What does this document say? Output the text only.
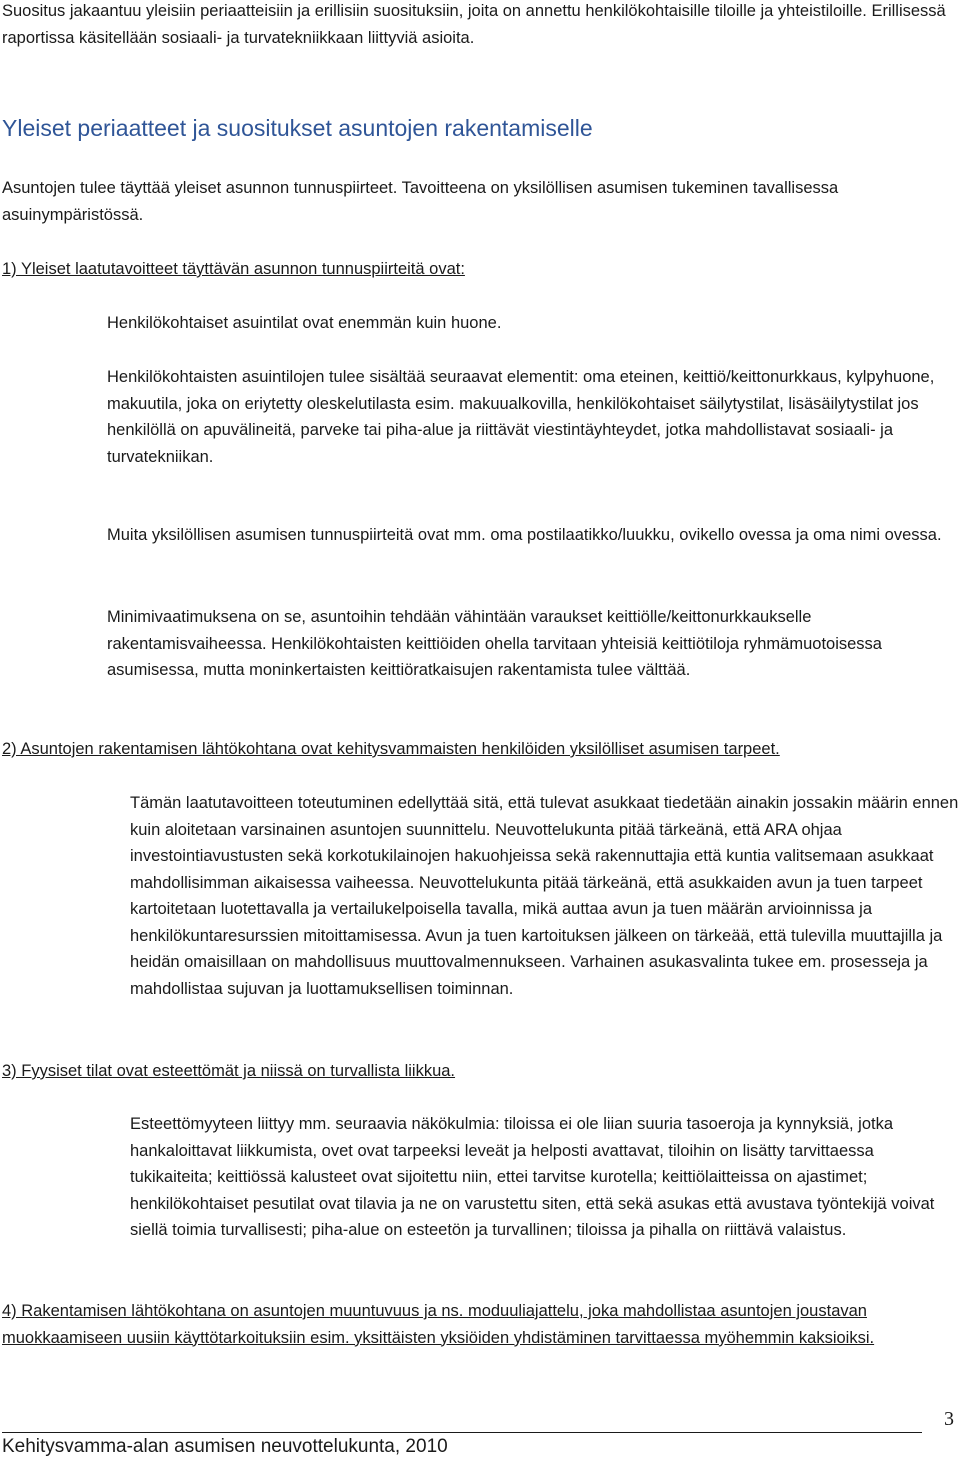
Suositus jakaantuu yleisiin periaatteisiin ja erillisiin suosituksiin, joita on annettu henkilökohtaisille tiloille ja yhteistiloille. Erillisessä raportissa käsitellään sosiaali- ja turvatekniikkaan liittyviä asioita.

Yleiset periaatteet ja suositukset asuntojen rakentamiselle

Asuntojen tulee täyttää yleiset asunnon tunnuspiirteet. Tavoitteena on yksilöllisen asumisen tukeminen tavallisessa asuinympäristössä.

1) Yleiset laatutavoitteet täyttävän asunnon tunnuspiirteitä ovat:

Henkilökohtaiset asuintilat ovat enemmän kuin huone.

Henkilökohtaisten asuintilojen tulee sisältää seuraavat elementit: oma eteinen, keittiö/keittonurkkaus, kylpyhuone, makuutila, joka on eriytetty oleskelutilasta esim. makuualkovilla, henkilökohtaiset säilytystilat, lisäsäilytystilat jos henkilöllä on apuvälineitä, parveke tai piha-alue ja riittävät viestintäyhteydet, jotka mahdollistavat sosiaali- ja turvatekniikan.

Muita yksilöllisen asumisen tunnuspiirteitä ovat mm. oma postilaatikko/luukku, ovikello ovessa ja oma nimi ovessa.

Minimivaatimuksena on se, asuntoihin tehdään vähintään varaukset keittiölle/keittonurkkaukselle rakentamisvaiheessa. Henkilökohtaisten keittiöiden ohella tarvitaan yhteisiä keittiötiloja ryhmämuotoisessa asumisessa, mutta moninkertaisten keittiöratkaisujen rakentamista tulee välttää.

2) Asuntojen rakentamisen lähtökohtana ovat kehitysvammaisten henkilöiden yksilölliset asumisen tarpeet.

Tämän laatutavoitteen toteutuminen edellyttää sitä, että tulevat asukkaat tiedetään ainakin jossakin määrin ennen kuin aloitetaan varsinainen asuntojen suunnittelu. Neuvottelukunta pitää tärkeänä, että ARA ohjaa investointiavustusten sekä korkotukilainojen hakuohjeissa sekä rakennuttajia että kuntia valitsemaan asukkaat mahdollisimman aikaisessa vaiheessa. Neuvottelukunta pitää tärkeänä, että asukkaiden avun ja tuen tarpeet kartoitetaan luotettavalla ja vertailukelpoisella tavalla, mikä auttaa avun ja tuen määrän arvioinnissa ja henkilökuntaresurssien mitoittamisessa. Avun ja tuen kartoituksen jälkeen on tärkeää, että tulevilla muuttajilla ja heidän omaisillaan on mahdollisuus muuttovalmennukseen. Varhainen asukasvalinta tukee em. prosesseja ja mahdollistaa sujuvan ja luottamuksellisen toiminnan.

3) Fyysiset tilat ovat esteettömät ja niissä on turvallista liikkua.

Esteettömyyteen liittyy mm. seuraavia näkökulmia: tiloissa ei ole liian suuria tasoeroja ja kynnyksiä, jotka hankaloittavat liikkumista, ovet ovat tarpeeksi leveät ja helposti avattavat, tiloihin on lisätty tarvittaessa tukikaiteita; keittiössä kalusteet ovat sijoitettu niin, ettei tarvitse kurotella; keittiölaitteissa on ajastimet; henkilökohtaiset pesutilat ovat tilavia ja ne on varustettu siten, että sekä asukas että avustava työntekijä voivat siellä toimia turvallisesti; piha-alue on esteetön ja turvallinen; tiloissa ja pihalla on riittävä valaistus.

4) Rakentamisen lähtökohtana on asuntojen muuntuvuus ja ns. moduuliajattelu, joka mahdollistaa asuntojen joustavan muokkaamiseen uusiin käyttötarkoituksiin esim. yksittäisten yksiöiden yhdistäminen tarvittaessa myöhemmin kaksioiksi.

Kehitysvamma-alan asumisen neuvottelukunta, 2010
3
